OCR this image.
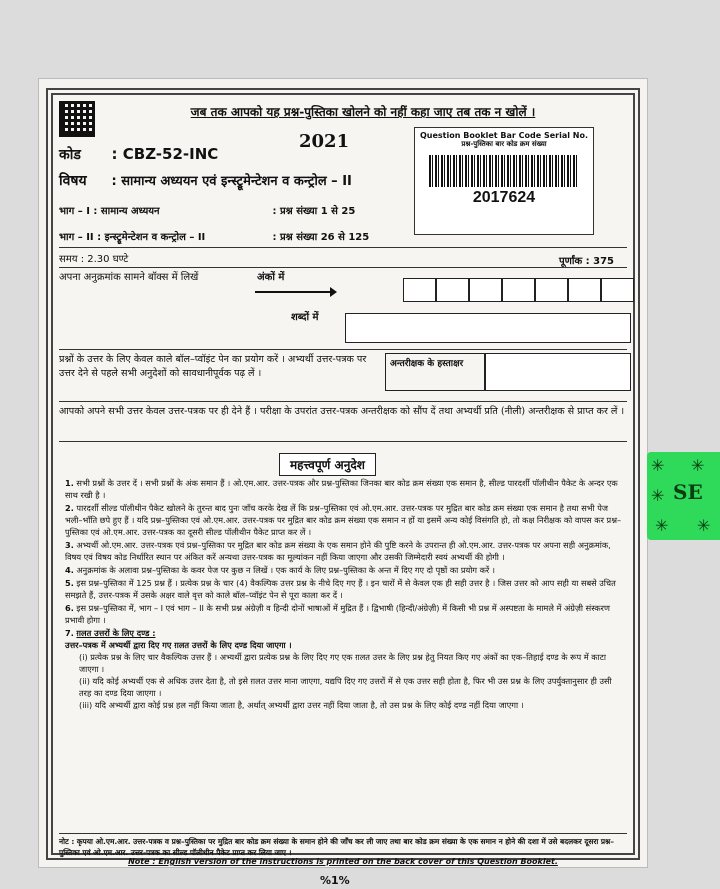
जब तक आपको यह प्रश्न-पुस्तिका खोलने को नहीं कहा जाए तब तक न खोलें ।
2021
कोड : CBZ-52-INC
विषय : सामान्य अध्ययन एवं इन्स्ट्रूमेन्टेशन व कन्ट्रोल – II
भाग – I : सामान्य अध्ययन	: प्रश्न संख्या 1 से 25
भाग – II : इन्स्ट्रूमेन्टेशन व कन्ट्रोल – II	: प्रश्न संख्या 26 से 125
Question Booklet Bar Code Serial No.
प्रश्न-पुस्तिका बार कोड क्रम संख्या
2017624
समय : 2.30 घण्टे	पूर्णांक : 375
अपना अनुक्रमांक सामने बॉक्स में लिखें	अंकों में
शब्दों में
प्रश्नों के उत्तर के लिए केवल काले बॉल–प्वॉइंट पेन का प्रयोग करें । अभ्यर्थी उत्तर-पत्रक पर उत्तर देने से पहले सभी अनुदेशों को सावधानीपूर्वक पढ़ लें ।
अन्तरीक्षक के हस्ताक्षर
आपको अपने सभी उत्तर केवल उत्तर-पत्रक पर ही देने हैं । परीक्षा के उपरांत उत्तर-पत्रक अन्तरीक्षक को सौंप दें तथा अभ्यर्थी प्रति (नीली) अन्तरीक्षक से प्राप्त कर लें ।
महत्त्वपूर्ण अनुदेश
1. सभी प्रश्नों के उत्तर दें । सभी प्रश्नों के अंक समान हैं । ओ.एम.आर. उत्तर-पत्रक और प्रश्न-पुस्तिका जिनका बार कोड क्रम संख्या एक समान है, सील्ड पारदर्शी पॉलीथीन पैकेट के अन्दर एक साथ रखी है ।
2. पारदर्शी सील्ड पॉलीथीन पैकेट खोलने के तुरन्त बाद पुनः जाँच करके देख लें कि प्रश्न–पुस्तिका एवं ओ.एम.आर. उत्तर-पत्रक पर मुद्रित बार कोड क्रम संख्या एक समान है तथा सभी पेज भली–भाँति छपे हुए हैं । यदि प्रश्न–पुस्तिका एवं ओ.एम.आर. उत्तर-पत्रक पर मुद्रित बार कोड क्रम संख्या एक समान न हों या इसमें अन्य कोई विसंगति हो, तो कक्ष निरीक्षक को वापस कर प्रश्न–पुस्तिका एवं ओ.एम.आर. उत्तर-पत्रक का दूसरी सील्ड पॉलीथीन पैकेट प्राप्त कर लें ।
3. अभ्यर्थी ओ.एम.आर. उत्तर-पत्रक एवं प्रश्न–पुस्तिका पर मुद्रित बार कोड क्रम संख्या के एक समान होने की पुष्टि करने के उपरान्त ही ओ.एम.आर. उत्तर-पत्रक पर अपना सही अनुक्रमांक, विषय एवं विषय कोड निर्धारित स्थान पर अंकित करें अन्यथा उत्तर-पत्रक का मूल्यांकन नहीं किया जाएगा और उसकी जिम्मेदारी स्वयं अभ्यर्थी की होगी ।
4. अनुक्रमांक के अलावा प्रश्न–पुस्तिका के कवर पेज पर कुछ न लिखें । एक कार्य के लिए प्रश्न–पुस्तिका के अन्त में दिए गए दो पृष्ठों का प्रयोग करें ।
5. इस प्रश्न–पुस्तिका में 125 प्रश्न हैं । प्रत्येक प्रश्न के चार (4) वैकल्पिक उत्तर प्रश्न के नीचे दिए गए हैं । इन चारों में से केवल एक ही सही उत्तर है । जिस उत्तर को आप सही या सबसे उचित समझते हैं, उत्तर-पत्रक में उसके अक्षर वाले वृत्त को काले बॉल–प्वॉइंट पेन से पूरा काला कर दें ।
6. इस प्रश्न–पुस्तिका में, भाग – I एवं भाग – II के सभी प्रश्न अंग्रेज़ी व हिन्दी दोनों भाषाओं में मुद्रित हैं । द्विभाषी (हिन्दी/अंग्रेज़ी) में किसी भी प्रश्न में अस्पष्टता के मामले में अंग्रेज़ी संस्करण प्रभावी होगा ।
7. ग़लत उत्तरों के लिए दण्ड :
उत्तर–पत्रक में अभ्यर्थी द्वारा दिए गए ग़लत उत्तरों के लिए दण्ड दिया जाएगा ।
(i) प्रत्येक प्रश्न के लिए चार वैकल्पिक उत्तर हैं । अभ्यर्थी द्वारा प्रत्येक प्रश्न के लिए दिए गए एक ग़लत उत्तर के लिए प्रश्न हेतु नियत किए गए अंकों का एक–तिहाई दण्ड के रूप में काटा जाएगा ।
(ii) यदि कोई अभ्यर्थी एक से अधिक उत्तर देता है, तो इसे ग़लत उत्तर माना जाएगा, यद्यपि दिए गए उत्तरों में से एक उत्तर सही होता है, फिर भी उस प्रश्न के लिए उपर्युक्तानुसार ही उसी तरह का दण्ड दिया जाएगा ।
(iii) यदि अभ्यर्थी द्वारा कोई प्रश्न हल नहीं किया जाता है, अर्थात् अभ्यर्थी द्वारा उत्तर नहीं दिया जाता है, तो उस प्रश्न के लिए कोई दण्ड नहीं दिया जाएगा ।
नोट : कृपया ओ.एम.आर. उत्तर-पत्रक व प्रश्न–पुस्तिका पर मुद्रित बार कोड क्रम संख्या के समान होने की जाँच कर ली जाए तथा बार कोड क्रम संख्या के एक समान न होने की दशा में उसे बदलकर दूसरा प्रश्न–पुस्तिका एवं ओ.एम.आर. उत्तर-पत्रक का सील्ड पॉलीथीन पैकेट प्राप्त कर लिया जाए ।
Note : English version of the instructions is printed on the back cover of this Question Booklet.
%1%
✳ ✳
✳ SE
✳ ✳
